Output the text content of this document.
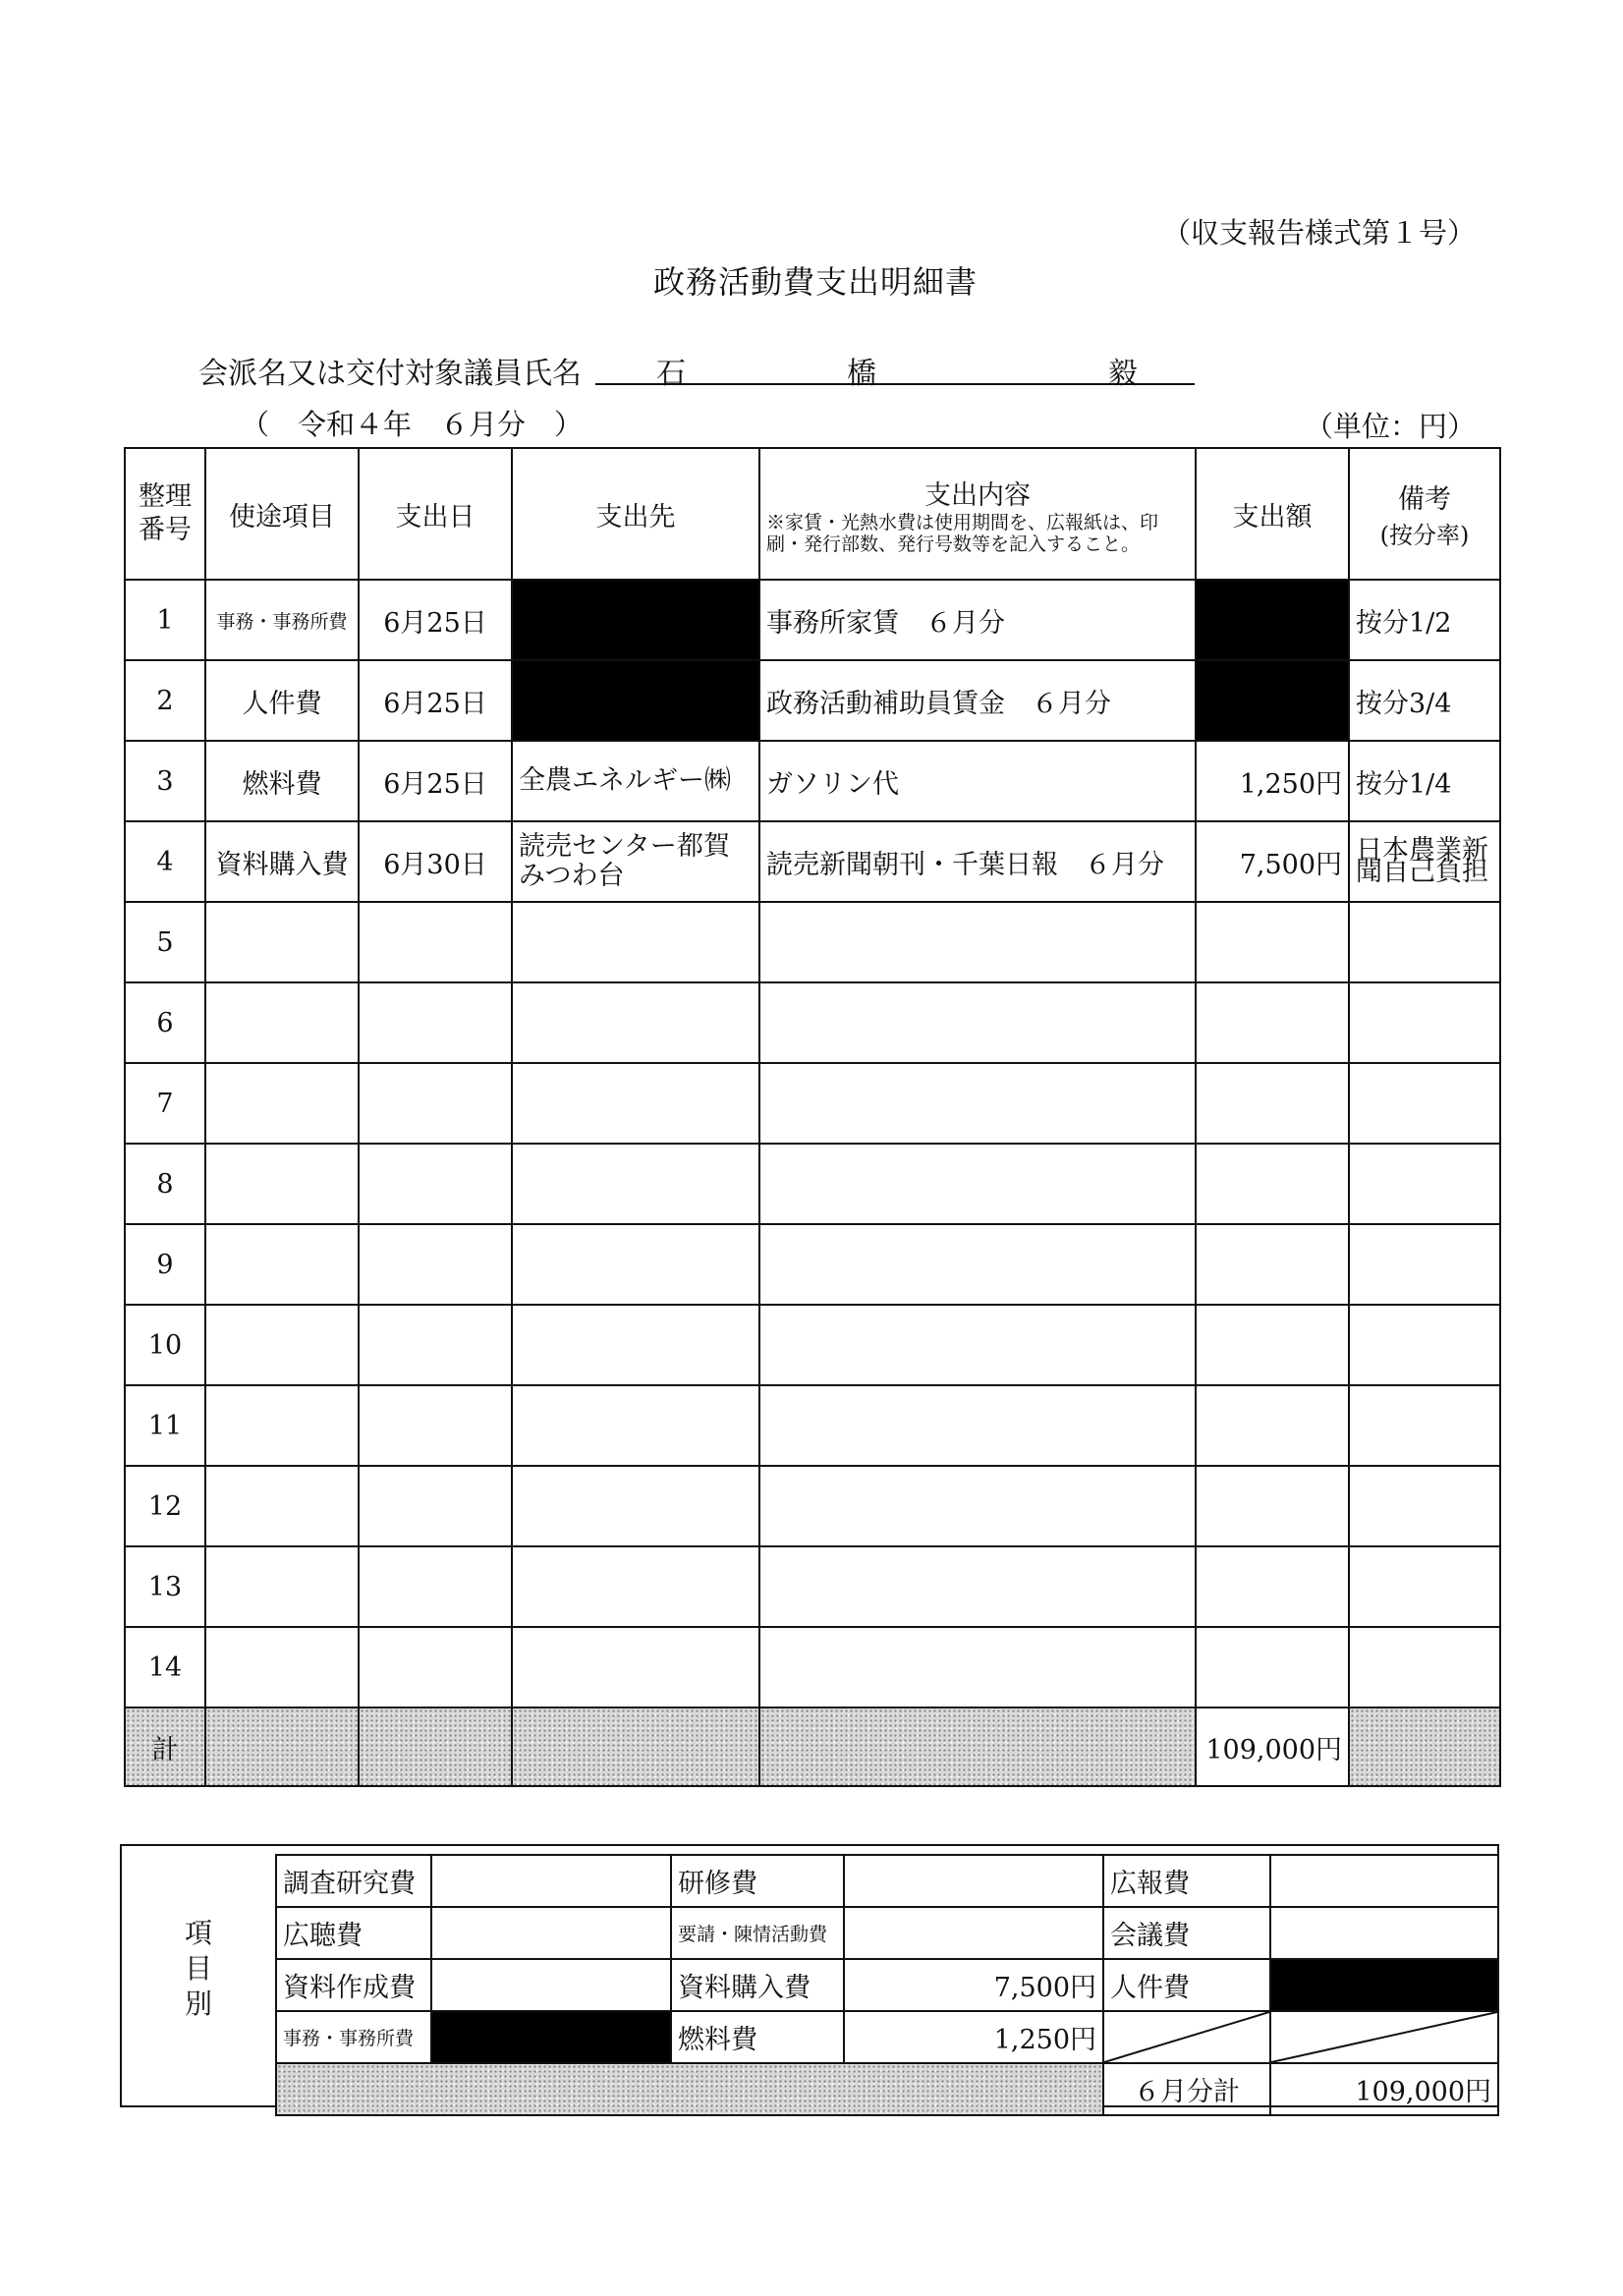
（収支報告様式第１号）
政務活動費支出明細書
会派名又は交付対象議員氏名	石	橋	毅
（　令和４年　６月分　）	（単位：円）
整理番号	使途項目	支出日	支出先	支出内容
※家賃・光熱水費は使用期間を、広報紙は、印刷・発行部数、発行号数等を記入すること。	支出額	備考
(按分率)

1	事務・事務所費	6月25日		事務所家賃　６月分		按分1/2
2	人件費	6月25日		政務活動補助員賃金　６月分		按分3/4
3	燃料費	6月25日	全農エネルギー㈱	ガソリン代	1,250円	按分1/4
4	資料購入費	6月30日	読売センター都賀みつわ台	読売新聞朝刊・千葉日報　６月分	7,500円	日本農業新聞自己負担
5						
6						
7						
8						
9						
10						
11						
12						
13						
14						
計					109,000円	
項目別
調査研究費		研修費		広報費	
広聴費		要請・陳情活動費		会議費	
資料作成費		資料購入費	7,500円	人件費	
事務・事務所費		燃料費	1,250円	

				６月分計	109,000円
